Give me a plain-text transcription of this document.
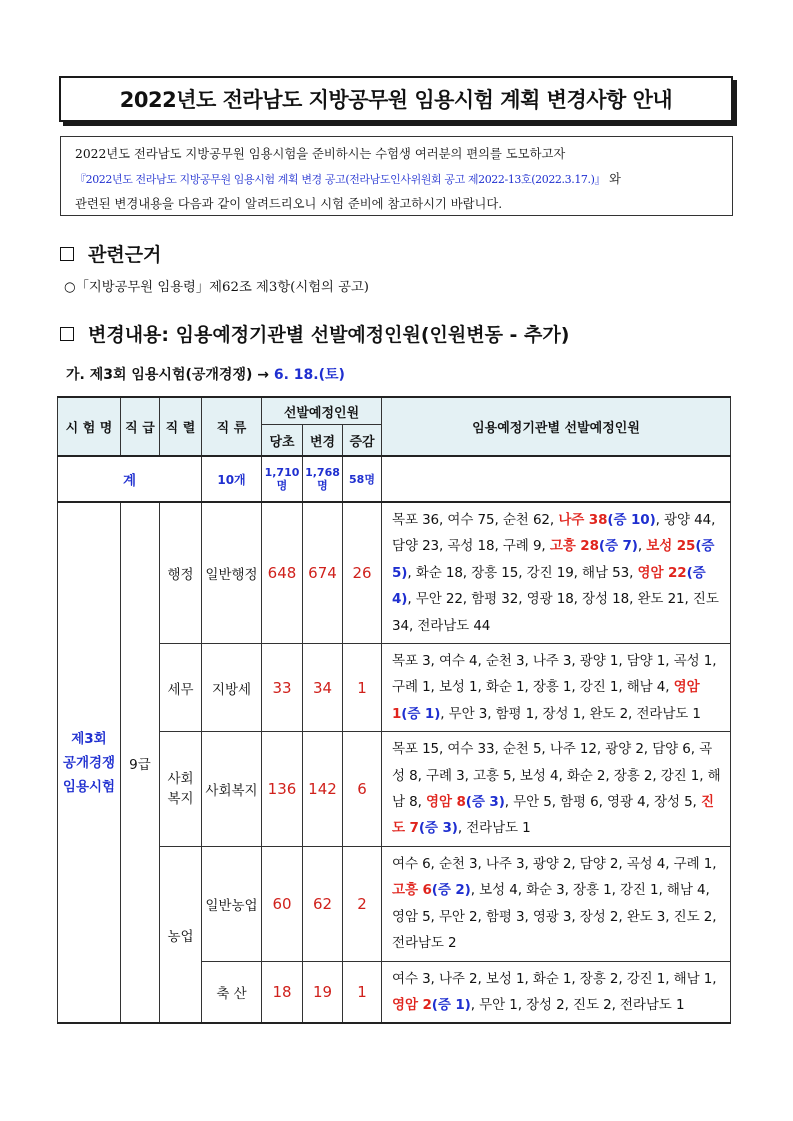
2022년도 전라남도 지방공무원 임용시험 계획 변경사항 안내
2022년도 전라남도 지방공무원 임용시험을 준비하시는 수험생 여러분의 편의를 도모하고자
『2022년도 전라남도 지방공무원 임용시험 계획 변경 공고(전라남도인사위원회 공고 제2022-13호(2022.3.17.)』 와
관련된 변경내용을 다음과 같이 알려드리오니 시험 준비에 참고하시기 바랍니다.
관련근거
○「지방공무원 임용령」제62조 제3항(시험의 공고)
변경내용: 임용예정기관별 선발예정인원(인원변동 - 추가)
가. 제3회 임용시험(공개경쟁) → 6. 18.(토)
시 험 명	직 급	직 렬	직 류	선발예정인원			임용예정기관별 선발예정인원
				당초	변경	증감	
계			10개	1,710명	1,768명	58명	

제3회
공개경쟁
임용시험	9급	행정	일반행정	648	674	26	목포 36, 여수 75, 순천 62, 나주 38(증 10), 광양 44, 담양 23, 곡성 18, 구례 9, 고흥 28(증 7), 보성 25(증 5), 화순 18, 장흥 15, 강진 19, 해남 53, 영암 22(증 4), 무안 22, 함평 32, 영광 18, 장성 18, 완도 21, 진도 34, 전라남도 44
		세무	지방세	33	34	1	목포 3, 여수 4, 순천 3, 나주 3, 광양 1, 담양 1, 곡성 1, 구례 1, 보성 1, 화순 1, 장흥 1, 강진 1, 해남 4, 영암 1(증 1), 무안 3, 함평 1, 장성 1, 완도 2, 전라남도 1

		사회
복지	사회복지	136	142	6	목포 15, 여수 33, 순천 5, 나주 12, 광양 2, 담양 6, 곡성 8, 구례 3, 고흥 5, 보성 4, 화순 2, 장흥 2, 강진 1, 해남 8, 영암 8(증 3), 무안 5, 함평 6, 영광 4, 장성 5, 진도 7(증 3), 전라남도 1
		농업	일반농업	60	62	2	여수 6, 순천 3, 나주 3, 광양 2, 담양 2, 곡성 4, 구례 1, 고흥 6(증 2), 보성 4, 화순 3, 장흥 1, 강진 1, 해남 4, 영암 5, 무안 2, 함평 3, 영광 3, 장성 2, 완도 3, 진도 2, 전라남도 2
			축 산	18	19	1	여수 3, 나주 2, 보성 1, 화순 1, 장흥 2, 강진 1, 해남 1, 영암 2(증 1), 무안 1, 장성 2, 진도 2, 전라남도 1
